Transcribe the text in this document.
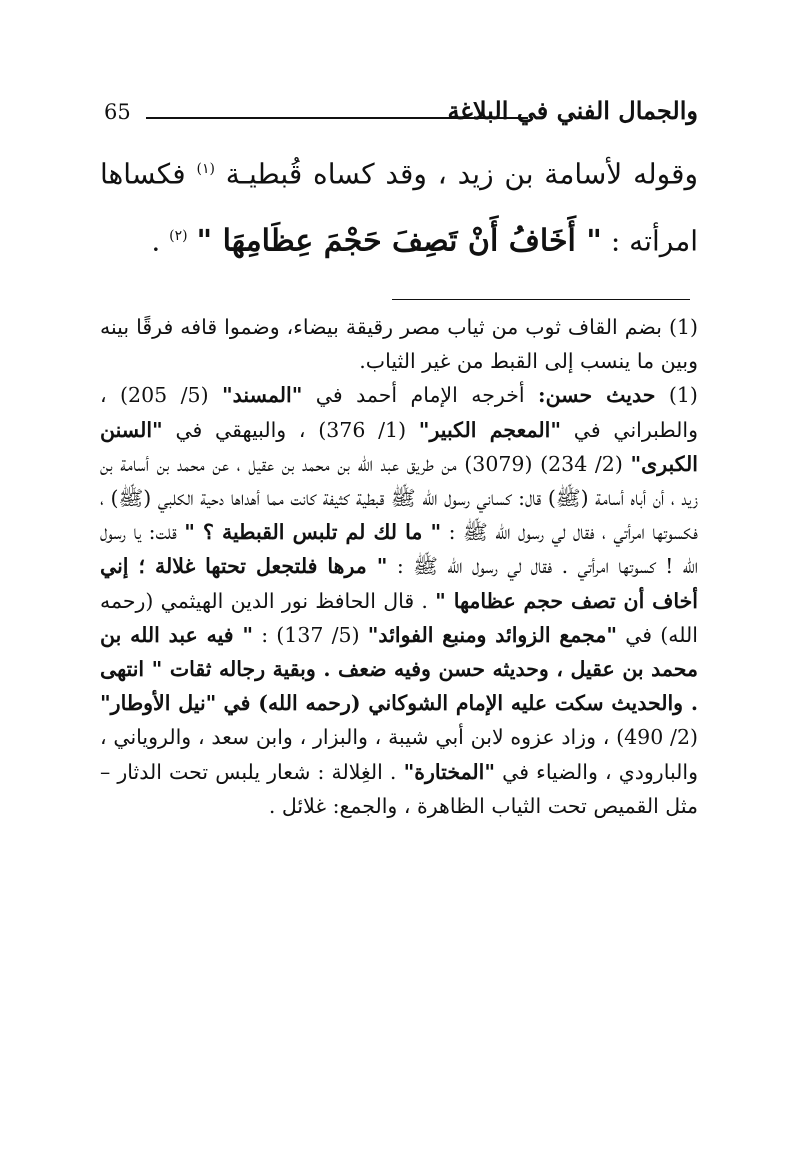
65	والجمال الفني في البلاغة

وقوله لأسامة بن زيد ، وقد كساه قُبطيـة $^{(١)}$ فكساها امرأته : " أَخَافُ أَنْ تَصِفَ حَجْمَ عِظَامِهَا " $^{(٢)}$ .

(1) بضم القاف ثوب من ثياب مصر رقيقة بيضاء، وضموا قافه فرقًا بينه وبين ما ينسب إلى القبط من غير الثياب.

(1) حديث حسن: أخرجه الإمام أحمد في "المسند" (5/ 205) ، والطبراني في "المعجم الكبير" (1/ 376) ، والبيهقي في "السنن الكبرى" (2/ 234) (3079) من طريق عبد الله بن محمد بن عقيل ، عن محمد بن أسامة بن زيد ، أن أباه أسامة (ﷺ) قال: كساني رسول الله ﷺ قبطية كثيفة كانت مما أهداها دحية الكلبي (ﷺ) ، فكسوتها امرأتي ، فقال لي رسول الله ﷺ : " ما لك لم تلبس القبطية ؟ " قلت: يا رسول الله ! كسوتها امرأتي . فقال لي رسول الله ﷺ : " مرها فلتجعل تحتها غلالة ؛ إني أخاف أن تصف حجم عظامها " . قال الحافظ نور الدين الهيثمي (رحمه الله) في "مجمع الزوائد ومنبع الفوائد" (5/ 137) : " فيه عبد الله بن محمد بن عقيل ، وحديثه حسن وفيه ضعف . وبقية رجاله ثقات " انتهى . والحديث سكت عليه الإمام الشوكاني (رحمه الله) في "نيل الأوطار" (2/ 490) ، وزاد عزوه لابن أبي شيبة ، والبزار ، وابن سعد ، والروياني ، والبارودي ، والضياء في "المختارة" . الغِلالة : شعار يلبس تحت الدثار – مثل القميص تحت الثياب الظاهرة ، والجمع: غلائل .
